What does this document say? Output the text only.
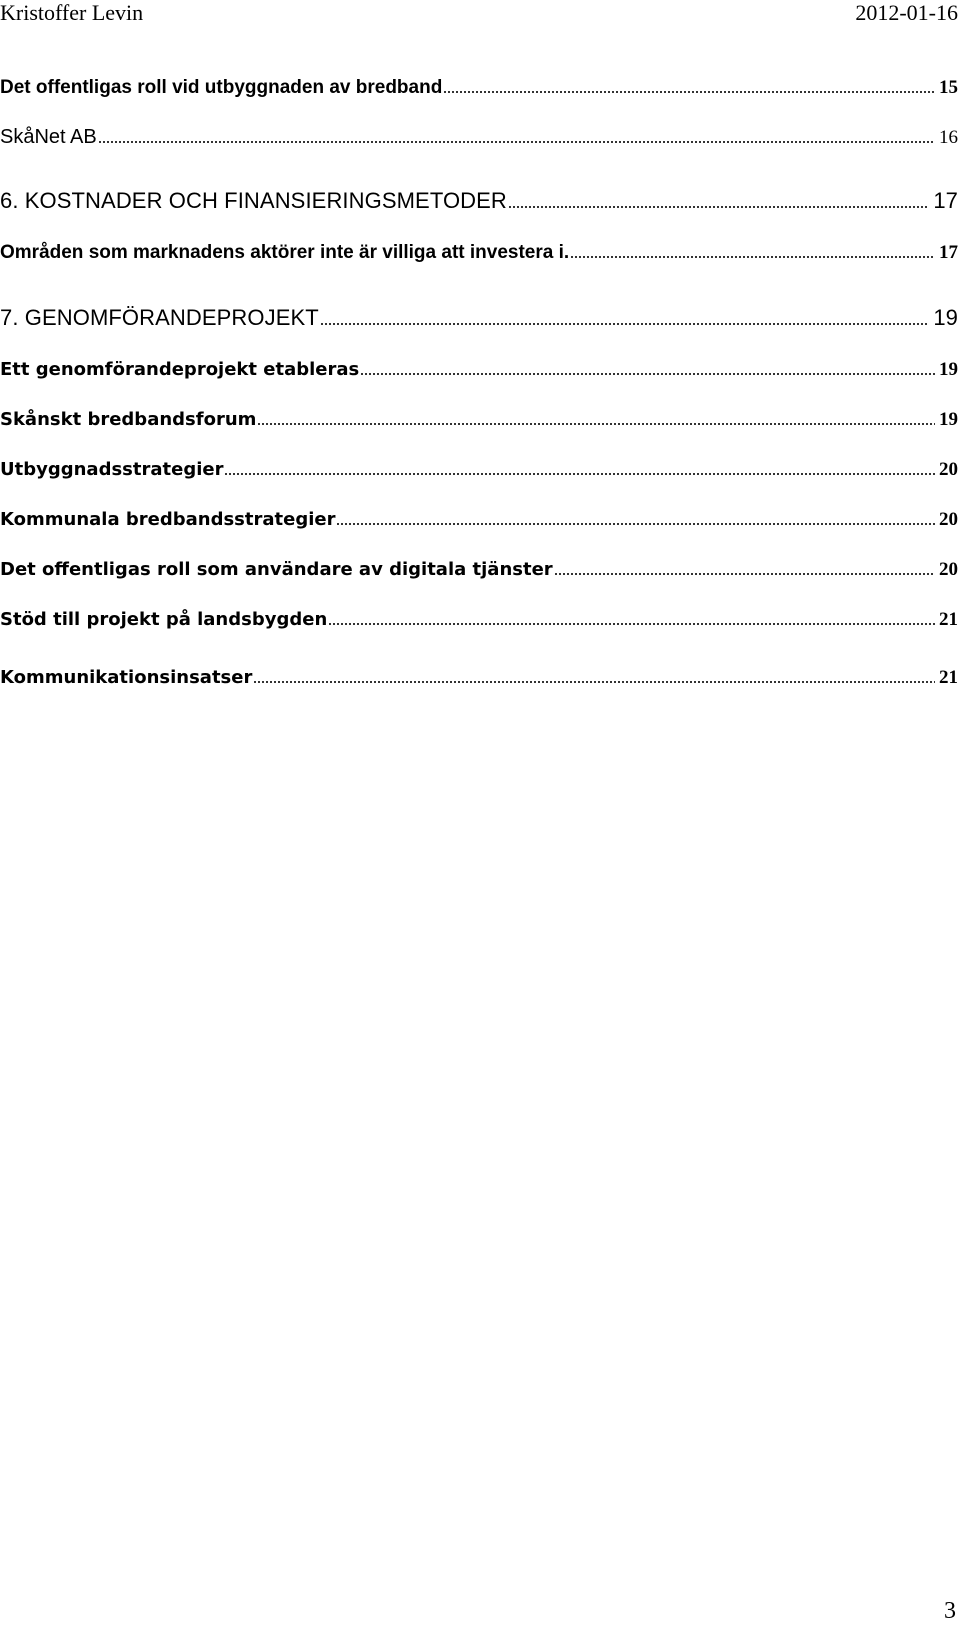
Kristoffer Levin	2012-01-16
Det offentligas roll vid utbyggnaden av bredband	15
SkåNet AB	16
6. KOSTNADER OCH FINANSIERINGSMETODER	17
Områden som marknadens aktörer inte är villiga att investera i.	17
7. GENOMFÖRANDEPROJEKT	19
Ett genomförandeprojekt etableras	19
Skånskt bredbandsforum	19
Utbyggnadsstrategier	20
Kommunala bredbandsstrategier	20
Det offentligas roll som användare av digitala tjänster	20
Stöd till projekt på landsbygden	21
Kommunikationsinsatser	21
3
